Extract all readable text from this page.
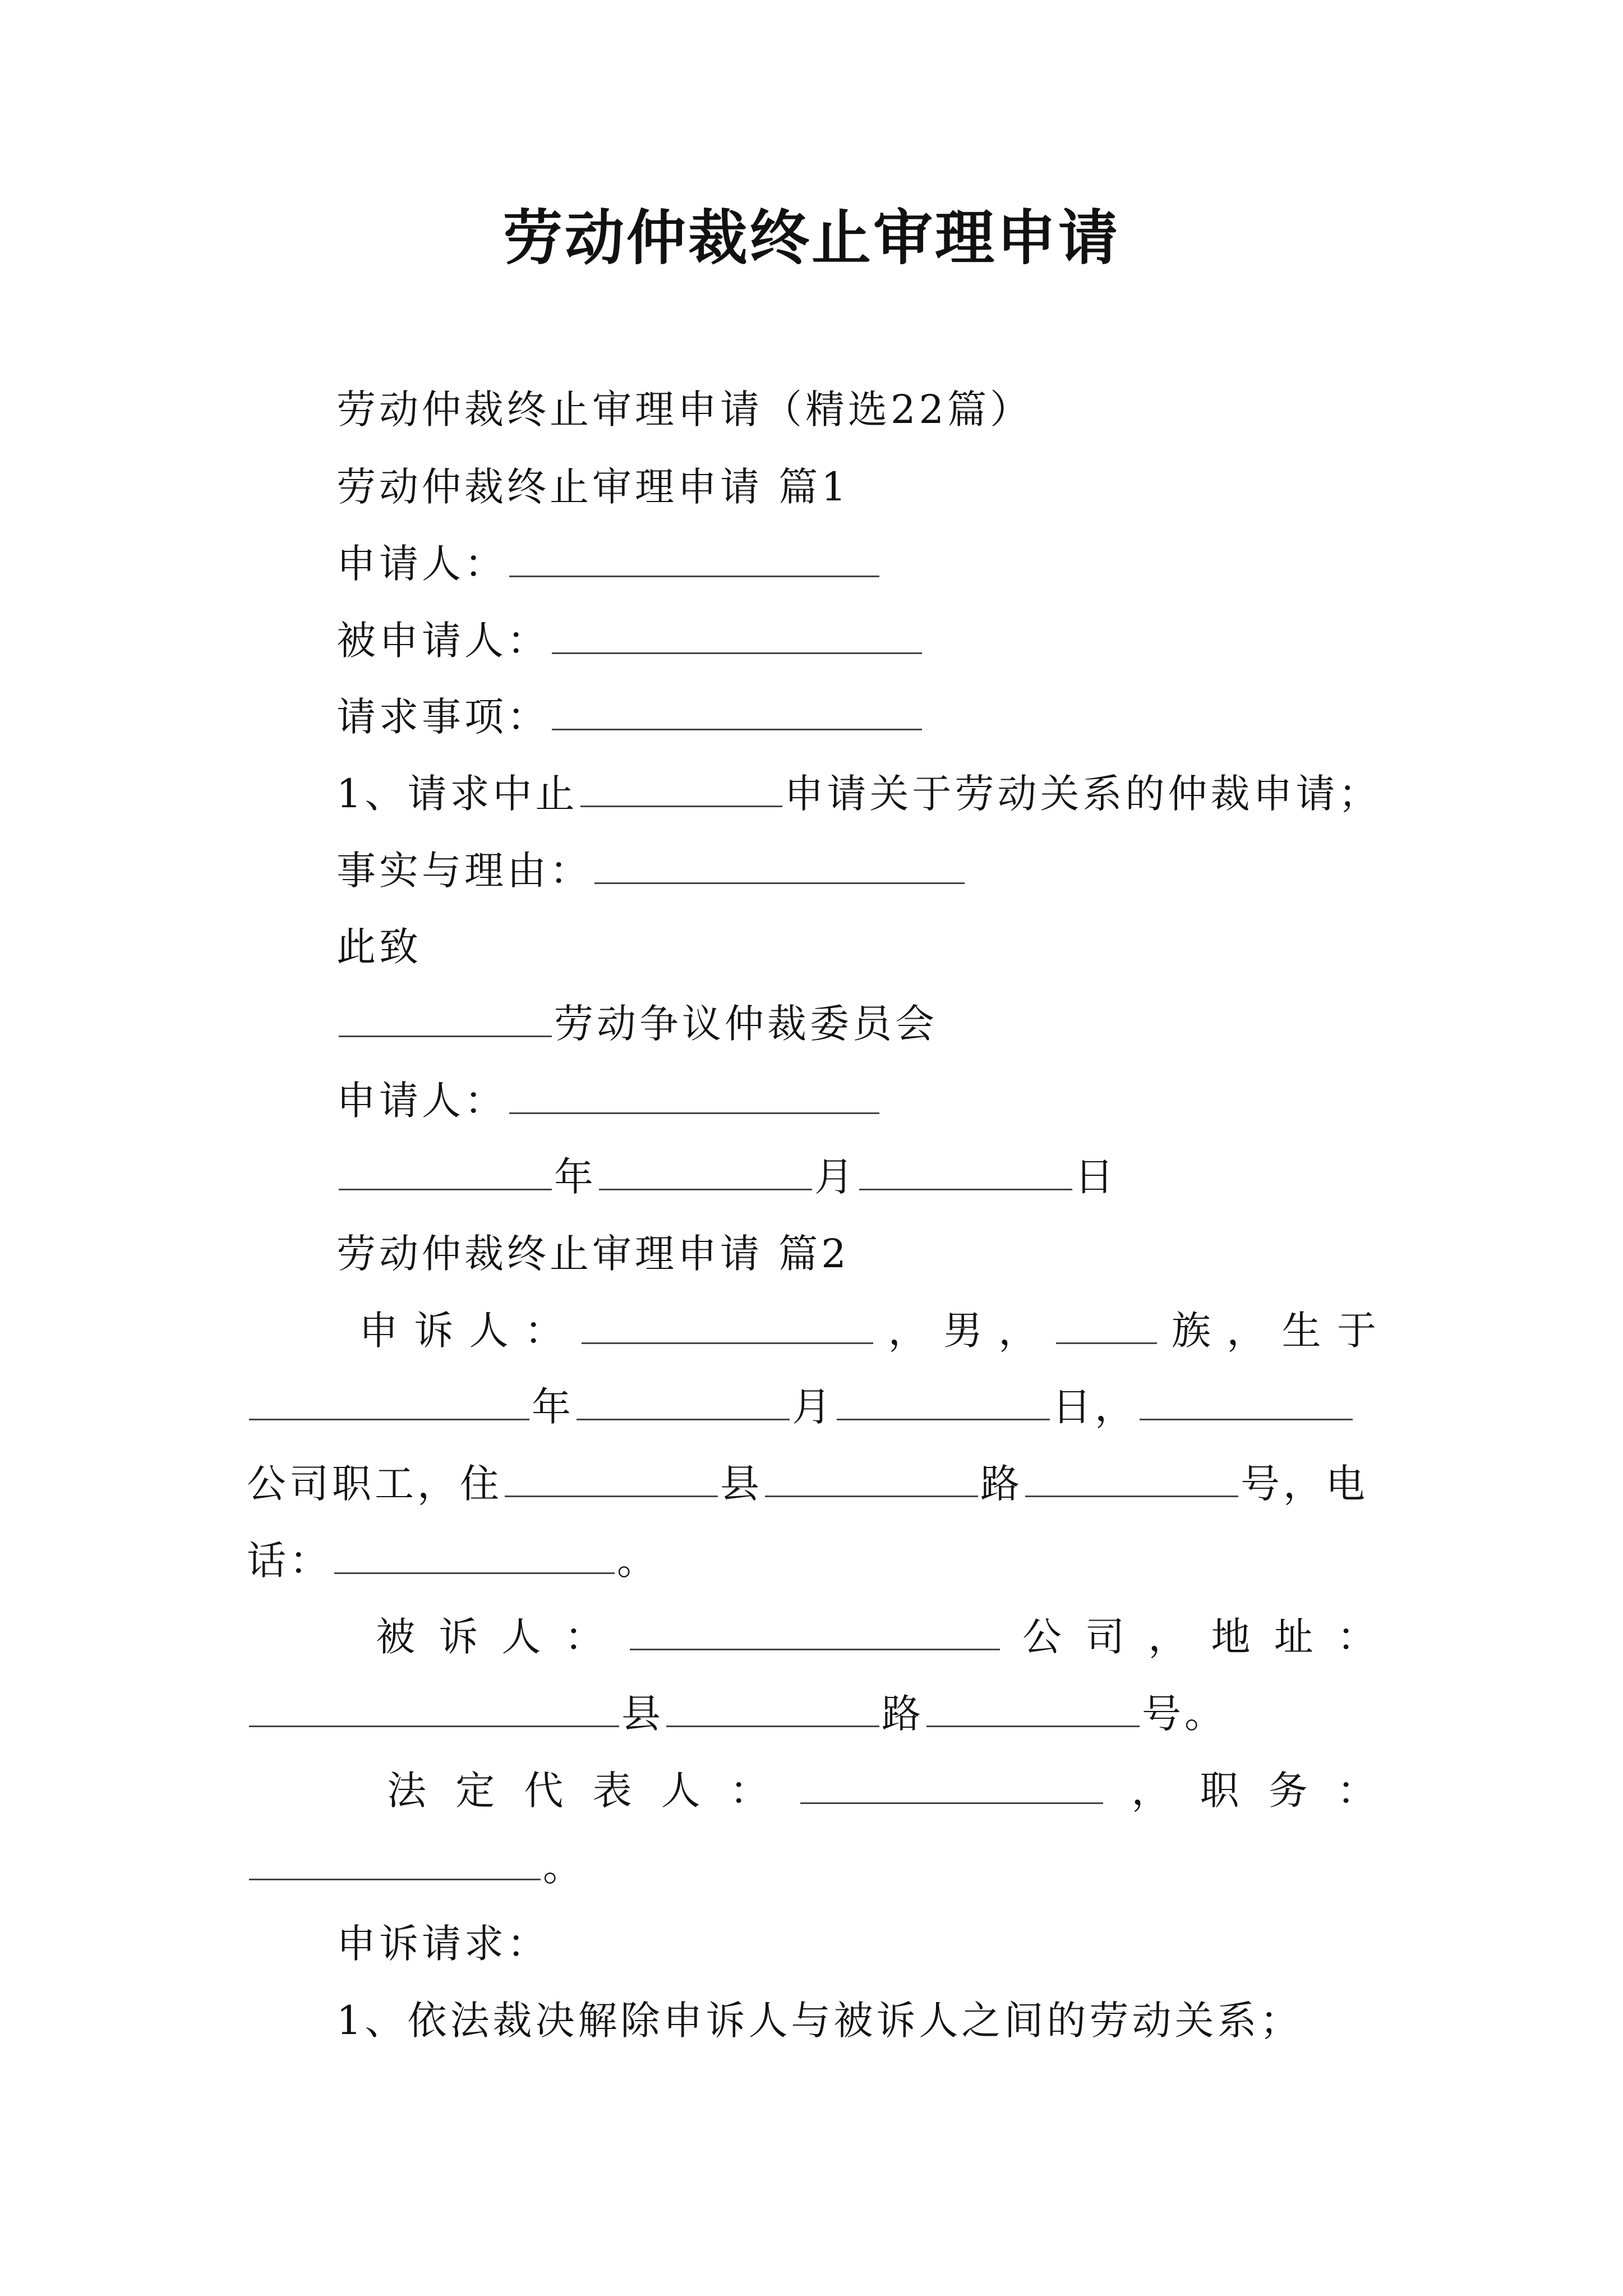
劳动仲裁终止审理申请
劳动仲裁终止审理申请（精选22篇）
劳动仲裁终止审理申请 篇1
申请人：
被申请人：
请求事项：
1、请求中止	申请关于劳动关系的仲裁申请；
事实与理由：
此致
劳动争议仲裁委员会
申请人：
年	月	日
劳动仲裁终止审理申请 篇2
申 诉 人 ：	， 男 ，	族 ， 生 于
年	月	日，
公司职工，住	县	路	号，电
话：	。
被 诉 人 ：	公 司 ， 地 址 ：
县	路	号。
法 定 代 表 人 ：	， 职 务 ：
。
申诉请求：
1、依法裁决解除申诉人与被诉人之间的劳动关系；
